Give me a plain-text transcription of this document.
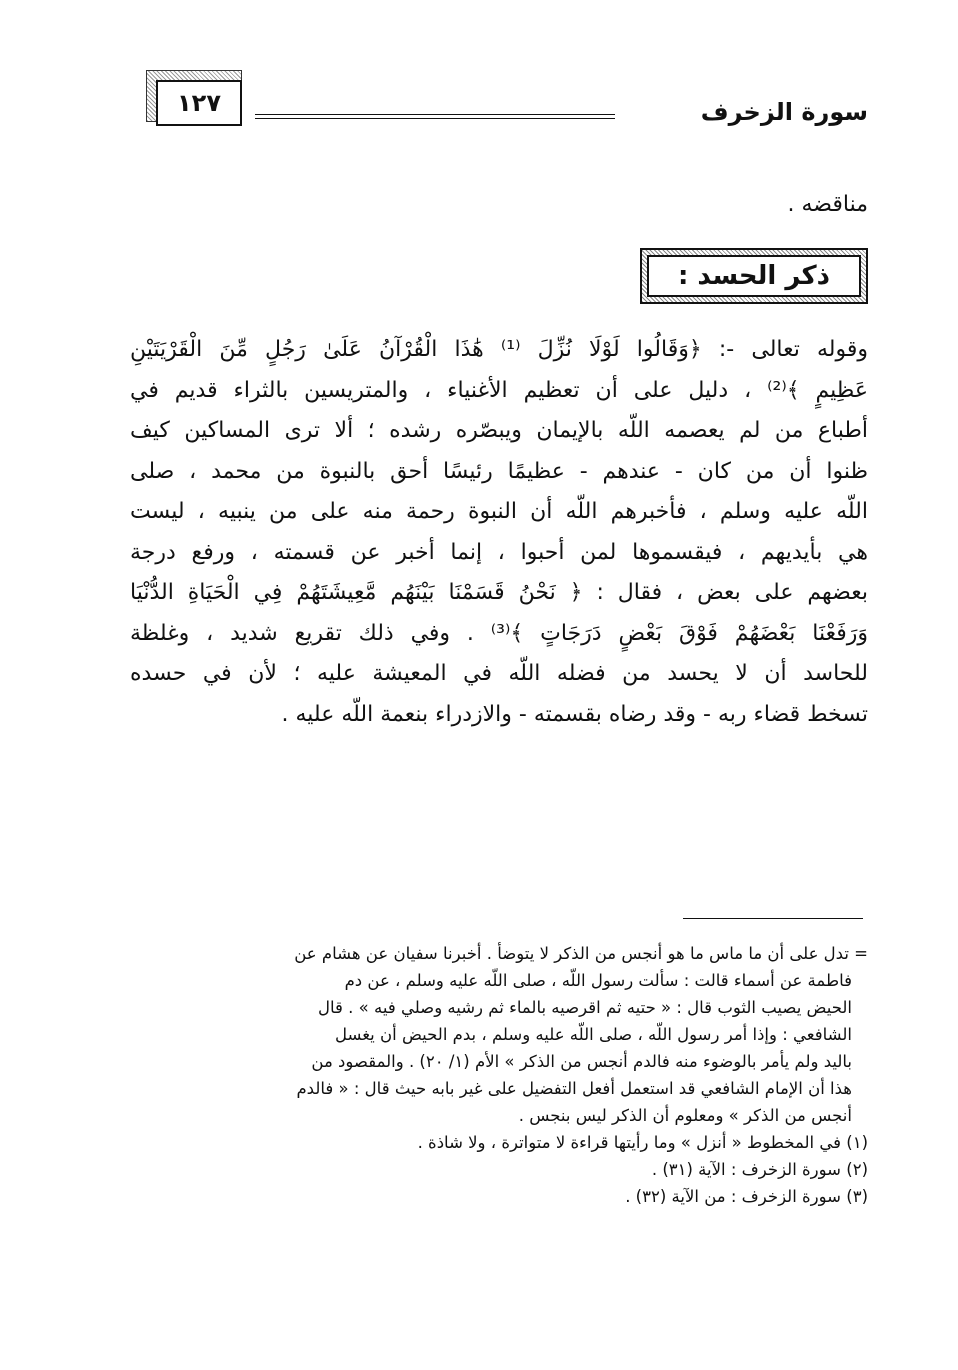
سورة الزخرف
١٢٧
مناقضه .
ذكر الحسد :
وقوله تعالى -: ﴿وَقَالُوا لَوْلَا نُزِّلَ ⁽¹⁾ هَٰذَا الْقُرْآنُ عَلَىٰ رَجُلٍ مِّنَ الْقَرْيَتَيْنِ
عَظِيمٍ ﴾⁽²⁾ ، دليل على أن تعظيم الأغنياء ، والمتريسين بالثراء قديم في
أطباع من لم يعصمه اللّه بالإيمان ويبصّره رشده ؛ ألا ترى المساكين كيف
ظنوا أن من كان - عندهم - عظيمًا رئيسًا أحق بالنبوة من محمد ، صلى
اللّه عليه وسلم ، فأخبرهم اللّه أن النبوة رحمة منه على من ينبيه ، ليست
هي بأيديهم ، فيقسموها لمن أحبوا ، إنما أخبر عن قسمته ، ورفع درجة
بعضهم على بعض ، فقال : ﴿ نَحْنُ قَسَمْنَا بَيْنَهُم مَّعِيشَتَهُمْ فِي الْحَيَاةِ الدُّنْيَا
وَرَفَعْنَا بَعْضَهُمْ فَوْقَ بَعْضٍ دَرَجَاتٍ ﴾⁽³⁾ . وفي ذلك تقريع شديد ، وغلظة
للحاسد أن لا يحسد من فضله اللّه في المعيشة عليه ؛ لأن في حسده
تسخط قضاء ربه - وقد رضاه بقسمته - والازدراء بنعمة اللّه عليه .
= تدل على أن ما ماس ما هو أنجس من الذكر لا يتوضأ . أخبرنا سفيان عن هشام عن
فاطمة عن أسماء قالت : سألت رسول اللّه ، صلى اللّه عليه وسلم ، عن دم
الحيض يصيب الثوب قال : « حتيه ثم اقرصيه بالماء ثم رشيه وصلي فيه » . قال
الشافعي : وإذا أمر رسول اللّه ، صلى اللّه عليه وسلم ، بدم الحيض أن يغسل
باليد ولم يأمر بالوضوء منه فالدم أنجس من الذكر » الأم (١/ ٢٠) . والمقصود من
هذا أن الإمام الشافعي قد استعمل أفعل التفضيل على غير بابه حيث قال : « فالدم
أنجس من الذكر » ومعلوم أن الذكر ليس بنجس .
(١) في المخطوط « أنزل » وما رأيتها قراءة لا متواترة ، ولا شاذة .
(٢) سورة الزخرف : الآية (٣١) .
(٣) سورة الزخرف : من الآية (٣٢) .
